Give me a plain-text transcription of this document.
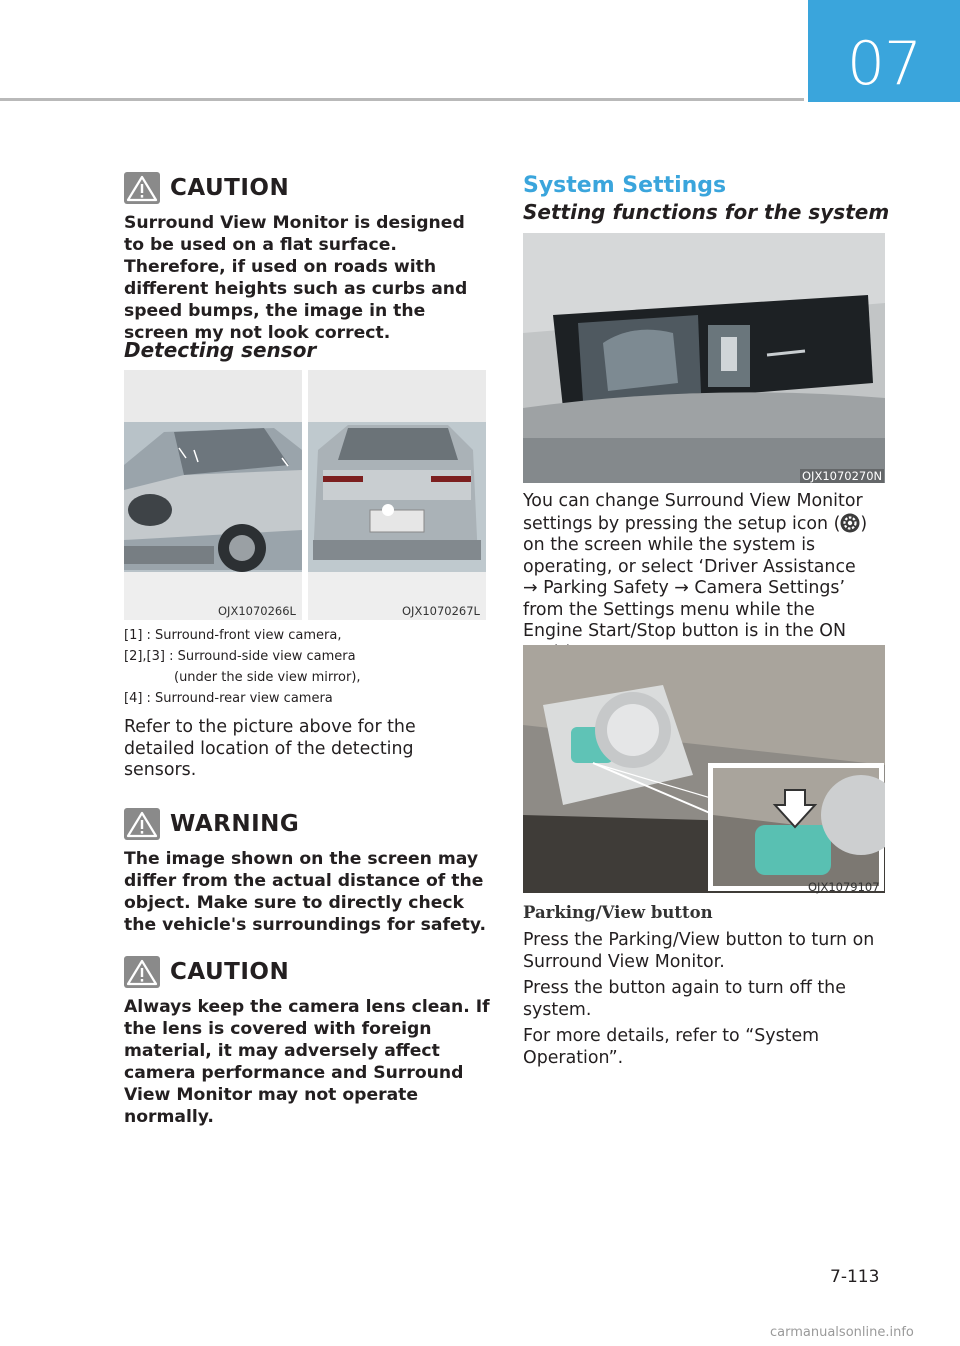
07
CAUTION
Surround View Monitor is designed to be used on a flat surface. Therefore, if used on roads with different heights such as curbs and speed bumps, the image in the screen my not look correct.
Detecting sensor
OJX1070266L	OJX1070267L
[1] : Surround-front view camera,
[2],[3] : Surround-side view camera
(under the side view mirror),
[4] : Surround-rear view camera
Refer to the picture above for the detailed location of the detecting sensors.
WARNING
The image shown on the screen may differ from the actual distance of the object. Make sure to directly check the vehicle's surroundings for safety.
CAUTION
Always keep the camera lens clean. If the lens is covered with foreign material, it may adversely affect camera performance and Surround View Monitor may not operate normally.
System Settings
Setting functions for the system
OJX1070270N
You can change Surround View Monitor settings by pressing the setup icon ( ) on the screen while the system is operating, or select ‘Driver Assistance → Parking Safety → Camera Settings’ from the Settings menu while the Engine Start/Stop button is in the ON
OJX1079107
Parking/View button
Press the Parking/View button to turn on Surround View Monitor.
Press the button again to turn off the system.
For more details, refer to “System Operation”.
7-113
carmanualsonline.info
